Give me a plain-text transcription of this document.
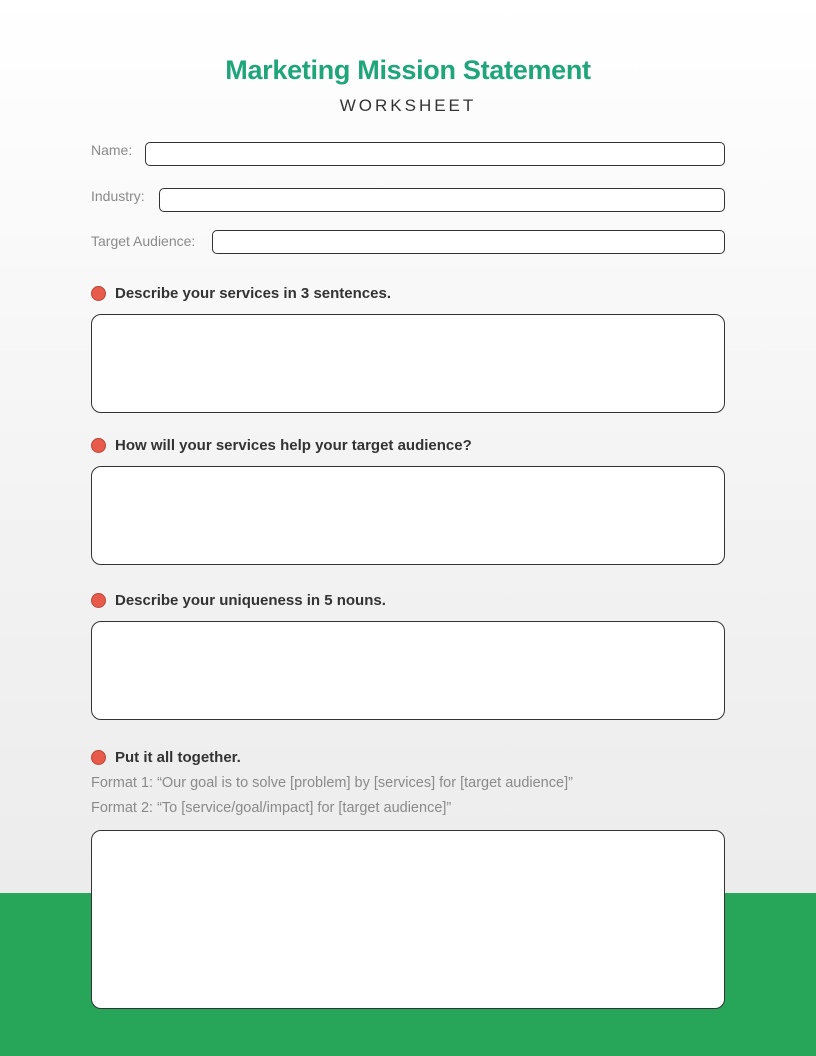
Marketing Mission Statement
WORKSHEET
Name:
Industry:
Target Audience:
Describe your services in 3 sentences.
How will your services help your target audience?
Describe your uniqueness in 5 nouns.
Put it all together.
Format 1: “Our goal is to solve [problem] by [services] for [target audience]”
Format 2: “To [service/goal/impact] for [target audience]”
